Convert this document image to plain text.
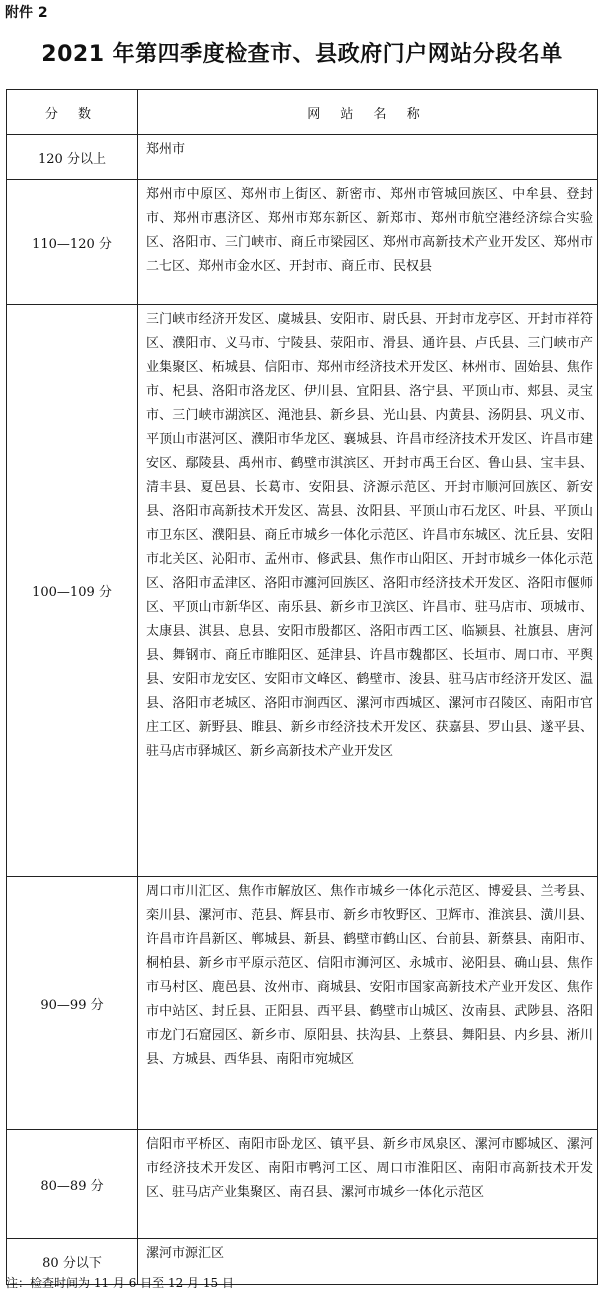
附件 2

2021 年第四季度检查市、县政府门户网站分段名单
分 数	网 站 名 称
120 分以上	郑州市
110—120 分	郑州市中原区、郑州市上街区、新密市、郑州市管城回族区、中牟县、登封市、郑州市惠济区、郑州市郑东新区、新郑市、郑州市航空港经济综合实验区、洛阳市、三门峡市、商丘市梁园区、郑州市高新技术产业开发区、郑州市二七区、郑州市金水区、开封市、商丘市、民权县
100—109 分	三门峡市经济开发区、虞城县、安阳市、尉氏县、开封市龙亭区、开封市祥符区、濮阳市、义马市、宁陵县、荥阳市、滑县、通许县、卢氏县、三门峡市产业集聚区、柘城县、信阳市、郑州市经济技术开发区、林州市、固始县、焦作市、杞县、洛阳市洛龙区、伊川县、宜阳县、洛宁县、平顶山市、郏县、灵宝市、三门峡市湖滨区、渑池县、新乡县、光山县、内黄县、汤阴县、巩义市、平顶山市湛河区、濮阳市华龙区、襄城县、许昌市经济技术开发区、许昌市建安区、鄢陵县、禹州市、鹤壁市淇滨区、开封市禹王台区、鲁山县、宝丰县、清丰县、夏邑县、长葛市、安阳县、济源示范区、开封市顺河回族区、新安县、洛阳市高新技术开发区、嵩县、汝阳县、平顶山市石龙区、叶县、平顶山市卫东区、濮阳县、商丘市城乡一体化示范区、许昌市东城区、沈丘县、安阳市北关区、沁阳市、孟州市、修武县、焦作市山阳区、开封市城乡一体化示范区、洛阳市孟津区、洛阳市瀍河回族区、洛阳市经济技术开发区、洛阳市偃师区、平顶山市新华区、南乐县、新乡市卫滨区、许昌市、驻马店市、项城市、太康县、淇县、息县、安阳市殷都区、洛阳市西工区、临颍县、社旗县、唐河县、舞钢市、商丘市睢阳区、延津县、许昌市魏都区、长垣市、周口市、平舆县、安阳市龙安区、安阳市文峰区、鹤壁市、浚县、驻马店市经济开发区、温县、洛阳市老城区、洛阳市涧西区、漯河市西城区、漯河市召陵区、南阳市官庄工区、新野县、睢县、新乡市经济技术开发区、获嘉县、罗山县、遂平县、驻马店市驿城区、新乡高新技术产业开发区
90—99 分	周口市川汇区、焦作市解放区、焦作市城乡一体化示范区、博爱县、兰考县、栾川县、漯河市、范县、辉县市、新乡市牧野区、卫辉市、淮滨县、潢川县、许昌市许昌新区、郸城县、新县、鹤壁市鹤山区、台前县、新蔡县、南阳市、桐柏县、新乡市平原示范区、信阳市浉河区、永城市、泌阳县、确山县、焦作市马村区、鹿邑县、汝州市、商城县、安阳市国家高新技术产业开发区、焦作市中站区、封丘县、正阳县、西平县、鹤壁市山城区、汝南县、武陟县、洛阳市龙门石窟园区、新乡市、原阳县、扶沟县、上蔡县、舞阳县、内乡县、淅川县、方城县、西华县、南阳市宛城区
80—89 分	信阳市平桥区、南阳市卧龙区、镇平县、新乡市凤泉区、漯河市郾城区、漯河市经济技术开发区、南阳市鸭河工区、周口市淮阳区、南阳市高新技术开发区、驻马店产业集聚区、南召县、漯河市城乡一体化示范区
80 分以下	漯河市源汇区

注：检查时间为 11 月 6 日至 12 月 15 日
